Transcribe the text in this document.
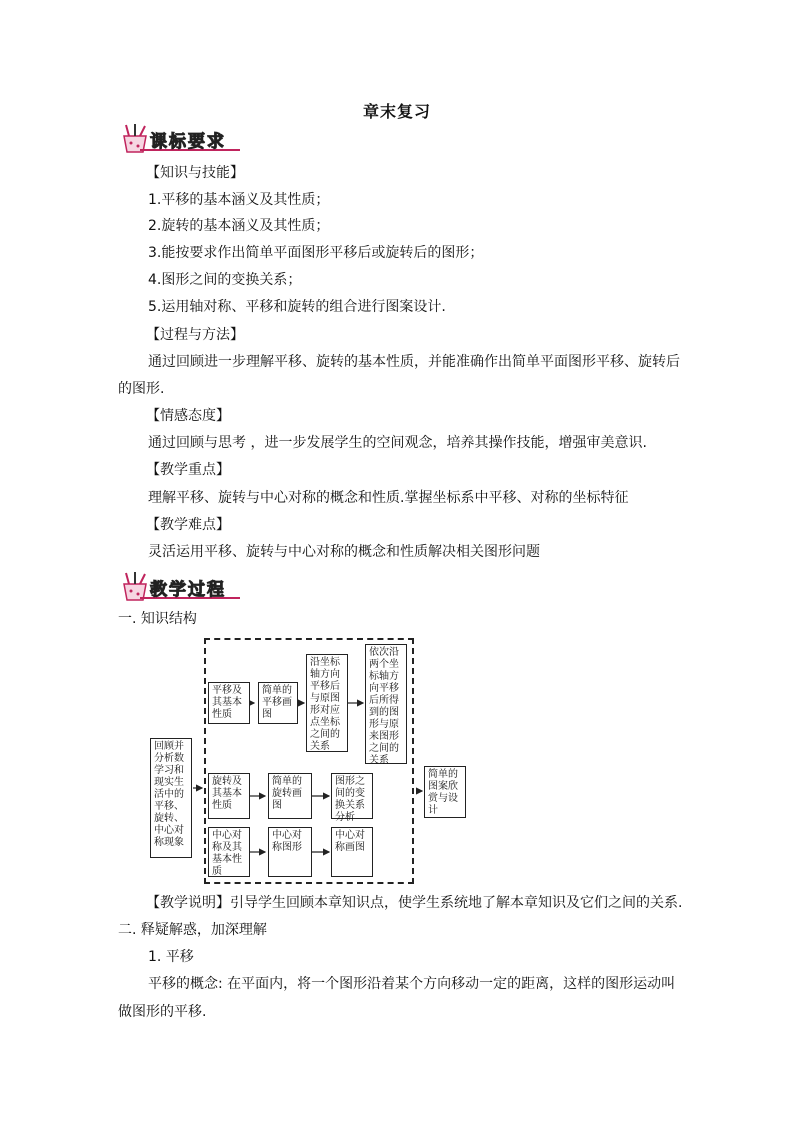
章末复习
课标要求
【知识与技能】
1.平移的基本涵义及其性质；
2.旋转的基本涵义及其性质；
3.能按要求作出简单平面图形平移后或旋转后的图形；
4.图形之间的变换关系；
5.运用轴对称、平移和旋转的组合进行图案设计.
【过程与方法】
通过回顾进一步理解平移、旋转的基本性质，并能准确作出简单平面图形平移、旋转后
的图形.
【情感态度】
通过回顾与思考 ，进一步发展学生的空间观念，培养其操作技能，增强审美意识.
【教学重点】
理解平移、旋转与中心对称的概念和性质.掌握坐标系中平移、对称的坐标特征
【教学难点】
灵活运用平移、旋转与中心对称的概念和性质解决相关图形问题
教学过程
一. 知识结构
回顾并分析数学习和现实生活中的平移、旋转、中心对称现象
平移及其基本性质
简单的平移画图
沿坐标轴方向平移后与原图形对应点坐标之间的关系
依次沿两个坐标轴方向平移后所得到的图形与原来图形之间的关系
旋转及其基本性质
简单的旋转画图
图形之间的变换关系分析
中心对称及其基本性质
中心对称图形
中心对称画图
简单的图案欣赏与设计
【教学说明】引导学生回顾本章知识点，使学生系统地了解本章知识及它们之间的关系.
二. 释疑解惑，加深理解
1. 平移
平移的概念: 在平面内，将一个图形沿着某个方向移动一定的距离，这样的图形运动叫
做图形的平移.
